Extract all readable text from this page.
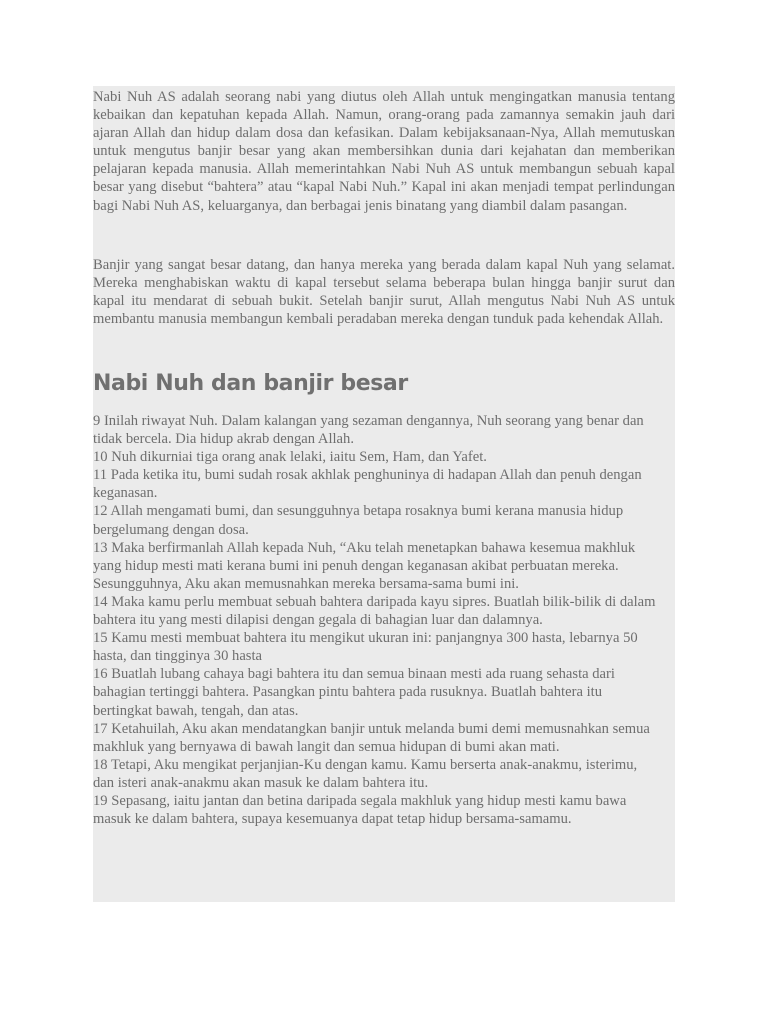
Nabi Nuh AS adalah seorang nabi yang diutus oleh Allah untuk mengingatkan manusia tentang kebaikan dan kepatuhan kepada Allah. Namun, orang-orang pada zamannya semakin jauh dari ajaran Allah dan hidup dalam dosa dan kefasikan. Dalam kebijaksanaan-Nya, Allah memutuskan untuk mengutus banjir besar yang akan membersihkan dunia dari kejahatan dan memberikan pelajaran kepada manusia. Allah memerintahkan Nabi Nuh AS untuk membangun sebuah kapal besar yang disebut “bahtera” atau “kapal Nabi Nuh.” Kapal ini akan menjadi tempat perlindungan bagi Nabi Nuh AS, keluarganya, dan berbagai jenis binatang yang diambil dalam pasangan.

Banjir yang sangat besar datang, dan hanya mereka yang berada dalam kapal Nuh yang selamat. Mereka menghabiskan waktu di kapal tersebut selama beberapa bulan hingga banjir surut dan kapal itu mendarat di sebuah bukit. Setelah banjir surut, Allah mengutus Nabi Nuh AS untuk membantu manusia membangun kembali peradaban mereka dengan tunduk pada kehendak Allah.

Nabi Nuh dan banjir besar
9 Inilah riwayat Nuh. Dalam kalangan yang sezaman dengannya, Nuh seorang yang benar dan tidak bercela. Dia hidup akrab dengan Allah.
10 Nuh dikurniai tiga orang anak lelaki, iaitu Sem, Ham, dan Yafet.
11 Pada ketika itu, bumi sudah rosak akhlak penghuninya di hadapan Allah dan penuh dengan keganasan.
12 Allah mengamati bumi, dan sesungguhnya betapa rosaknya bumi kerana manusia hidup bergelumang dengan dosa.
13 Maka berfirmanlah Allah kepada Nuh, “Aku telah menetapkan bahawa kesemua makhluk yang hidup mesti mati kerana bumi ini penuh dengan keganasan akibat perbuatan mereka. Sesungguhnya, Aku akan memusnahkan mereka bersama-sama bumi ini.
14 Maka kamu perlu membuat sebuah bahtera daripada kayu sipres. Buatlah bilik-bilik di dalam bahtera itu yang mesti dilapisi dengan gegala di bahagian luar dan dalamnya.
15 Kamu mesti membuat bahtera itu mengikut ukuran ini: panjangnya 300 hasta, lebarnya 50 hasta, dan tingginya 30 hasta
16 Buatlah lubang cahaya bagi bahtera itu dan semua binaan mesti ada ruang sehasta dari bahagian tertinggi bahtera. Pasangkan pintu bahtera pada rusuknya. Buatlah bahtera itu bertingkat bawah, tengah, dan atas.
17 Ketahuilah, Aku akan mendatangkan banjir untuk melanda bumi demi memusnahkan semua makhluk yang bernyawa di bawah langit dan semua hidupan di bumi akan mati.
18 Tetapi, Aku mengikat perjanjian-Ku dengan kamu. Kamu berserta anak-anakmu, isterimu, dan isteri anak-anakmu akan masuk ke dalam bahtera itu.
19 Sepasang, iaitu jantan dan betina daripada segala makhluk yang hidup mesti kamu bawa masuk ke dalam bahtera, supaya kesemuanya dapat tetap hidup bersama-samamu.
